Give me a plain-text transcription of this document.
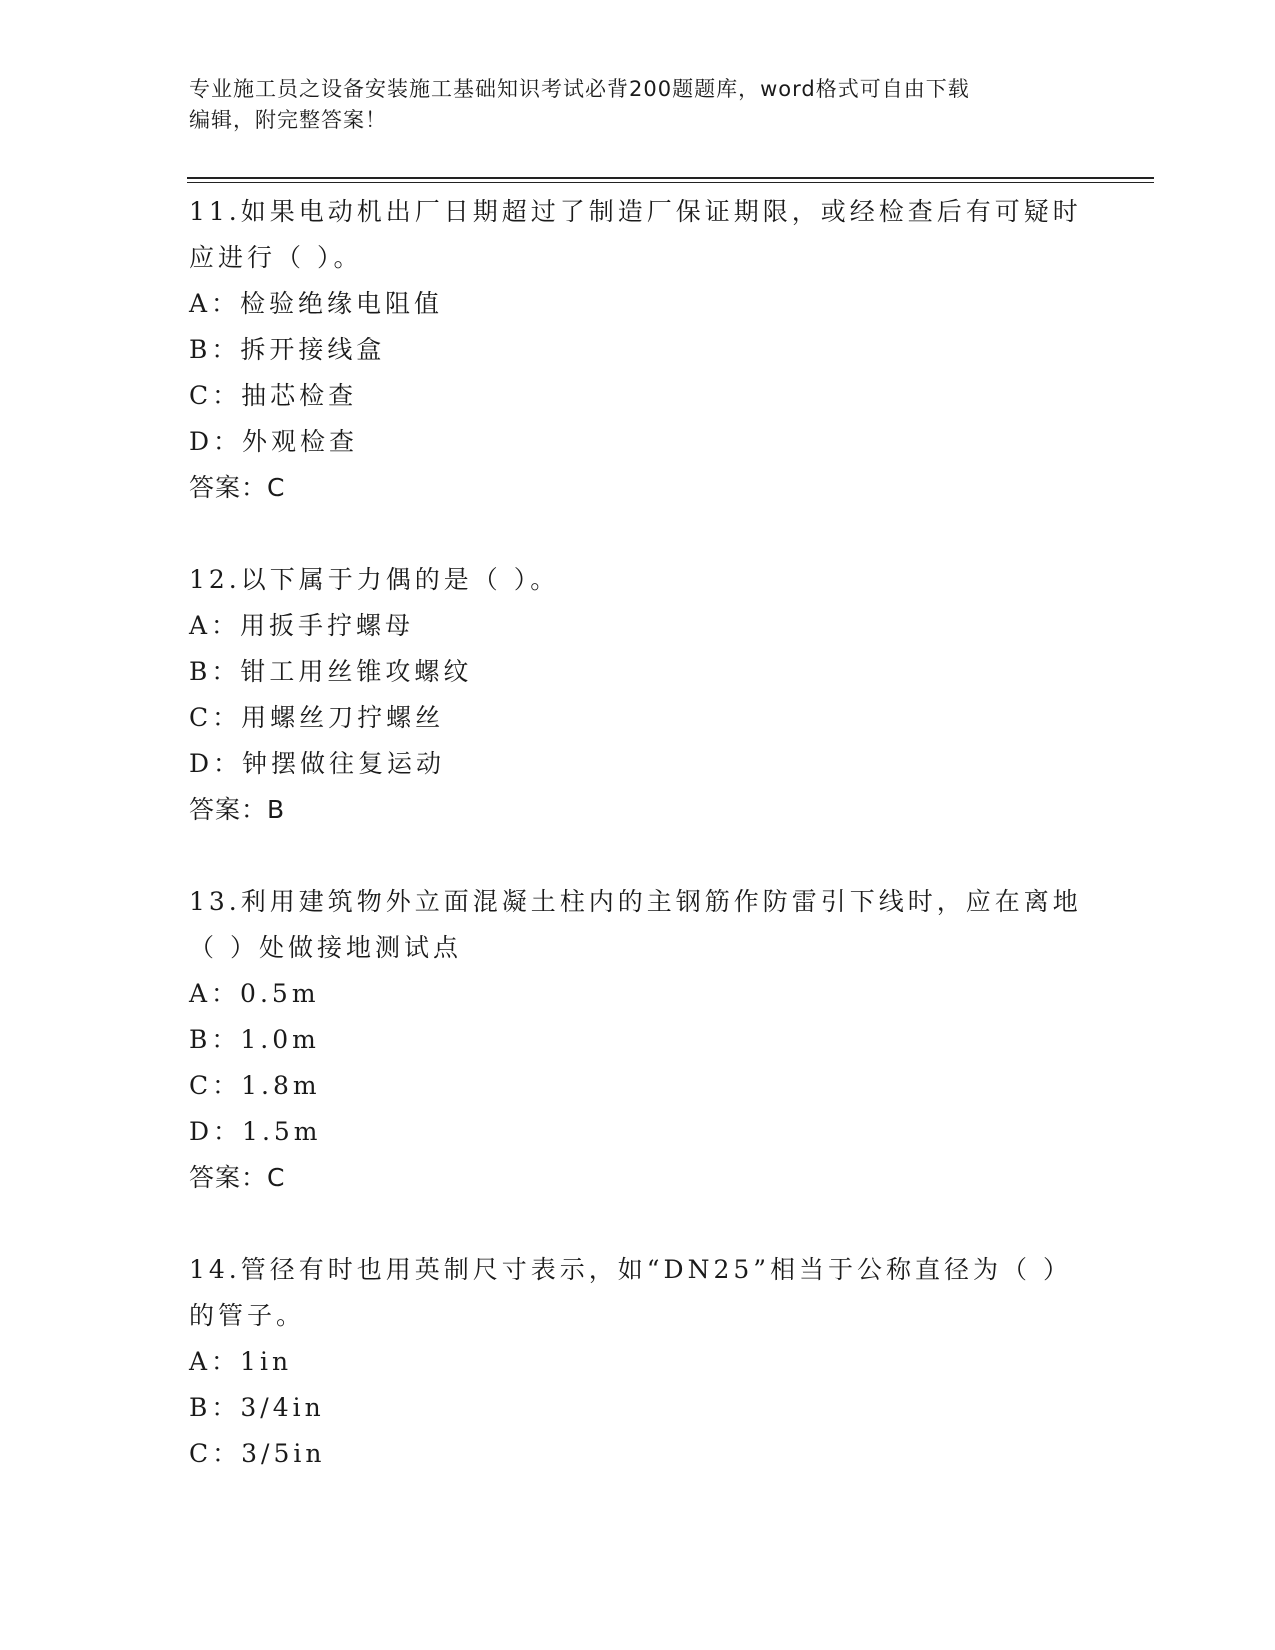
专业施工员之设备安装施工基础知识考试必背200题题库，word格式可自由下载
编辑，附完整答案！
11.如果电动机出厂日期超过了制造厂保证期限，或经检查后有可疑时
应进行（ ）。
A：检验绝缘电阻值
B：拆开接线盒
C：抽芯检查
D：外观检查
答案：C
12.以下属于力偶的是（ ）。
A：用扳手拧螺母
B：钳工用丝锥攻螺纹
C：用螺丝刀拧螺丝
D：钟摆做往复运动
答案：B
13.利用建筑物外立面混凝土柱内的主钢筋作防雷引下线时，应在离地
（ ）处做接地测试点
A：0.5m
B：1.0m
C：1.8m
D：1.5m
答案：C
14.管径有时也用英制尺寸表示，如“DN25”相当于公称直径为（ ）
的管子。
A：1in
B：3/4in
C：3/5in
